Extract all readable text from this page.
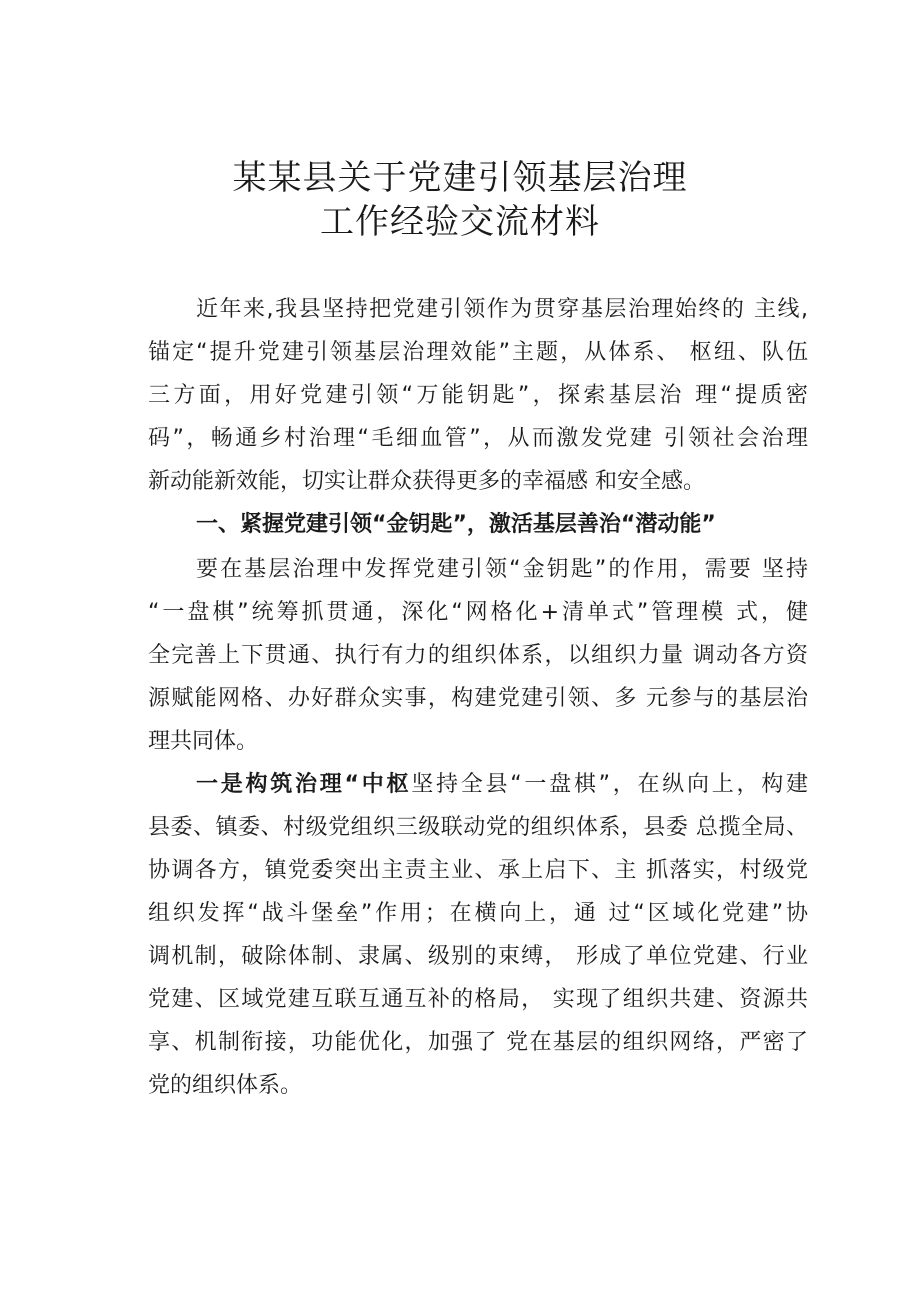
某某县关于党建引领基层治理
工作经验交流材料
近年来,我县坚持把党建引领作为贯穿基层治理始终的 主线,
锚定“提升党建引领基层治理效能”主题，从体系、 枢纽、队伍
三方面，用好党建引领“万能钥匙”，探索基层治 理“提质密
码”，畅通乡村治理“毛细血管”，从而激发党建 引领社会治理
新动能新效能，切实让群众获得更多的幸福感 和安全感。
一、紧握党建引领“金钥匙”，激活基层善治“潜动能”
要在基层治理中发挥党建引领“金钥匙”的作用，需要 坚持
“一盘棋”统筹抓贯通，深化“网格化+清单式”管理模 式，健
全完善上下贯通、执行有力的组织体系，以组织力量 调动各方资
源赋能网格、办好群众实事，构建党建引领、多 元参与的基层治
理共同体。
一是构筑治理“中枢坚持全县“一盘棋”，在纵向上，构建
县委、镇委、村级党组织三级联动党的组织体系，县委 总揽全局、
协调各方，镇党委突出主责主业、承上启下、主 抓落实，村级党
组织发挥“战斗堡垒”作用；在横向上，通 过“区域化党建”协
调机制，破除体制、隶属、级别的束缚， 形成了单位党建、行业
党建、区域党建互联互通互补的格局， 实现了组织共建、资源共
享、机制衔接，功能优化，加强了 党在基层的组织网络，严密了
党的组织体系。
